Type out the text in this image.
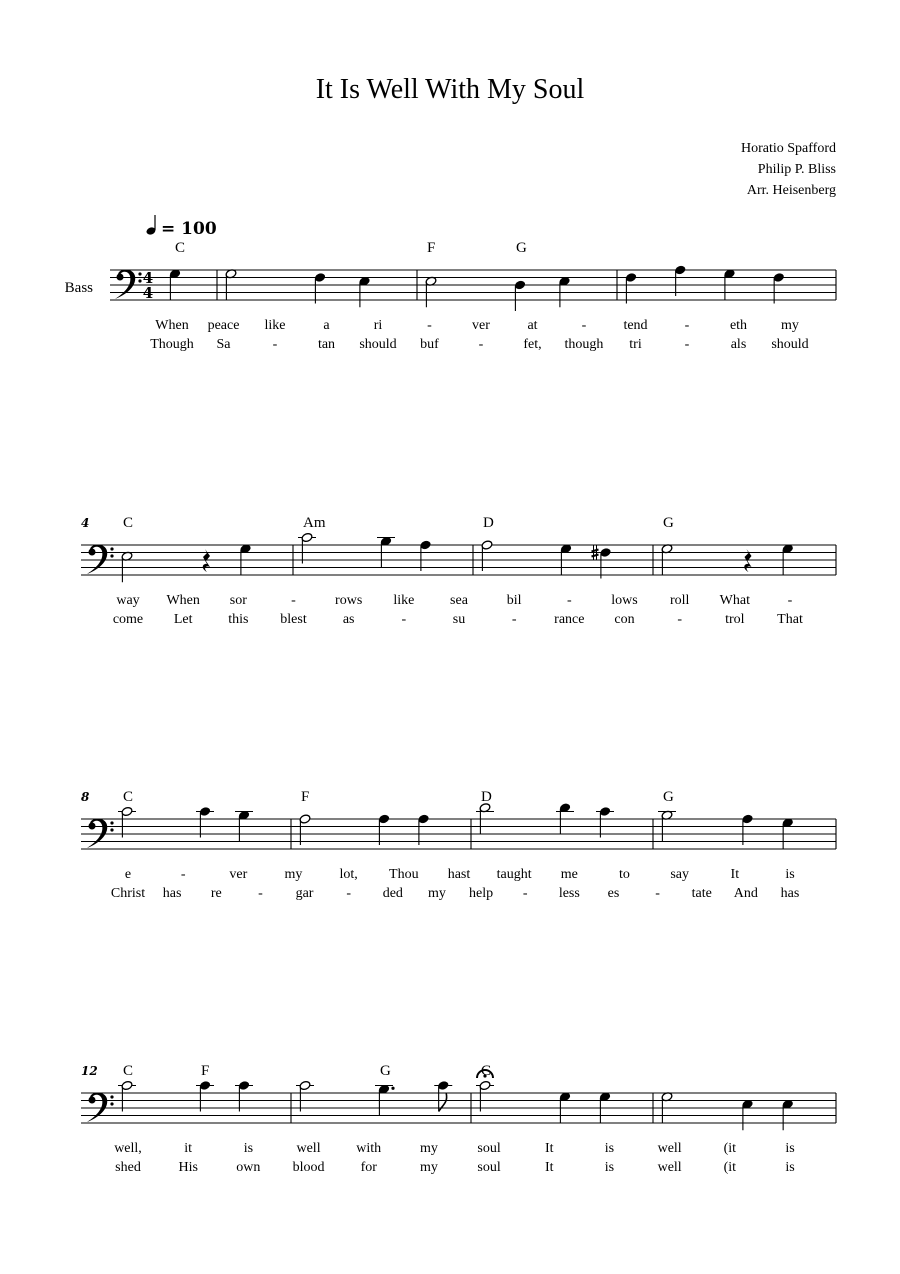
It Is Well With My Soul
Horatio Spafford
Philip P. Bliss
Arr. Heisenberg
= 100
Bass
4
4
C	F	G
When peace like	a	ri	-	ver	at	-	tend	-	eth my
Though Sa	-	tan should buf	-	fet, though tri	-	als should
4 C	Am	D	G
way When sor	-	rows like	sea	bil	-	lows roll What	-
come Let	this blest	as	-	su	-	rance con	-	trol That
8 C	F	D	G
e	-	ver	my	lot, Thou hast taught me	to	say	It	is
Christ has re	- gar - ded my help - less es	- tate And has
12 C	F	G	C
well,	it	is	well	with	my	soul	It	is	well	(it	is
shed	His	own blood	for	my	soul	It	is	well	(it	is
